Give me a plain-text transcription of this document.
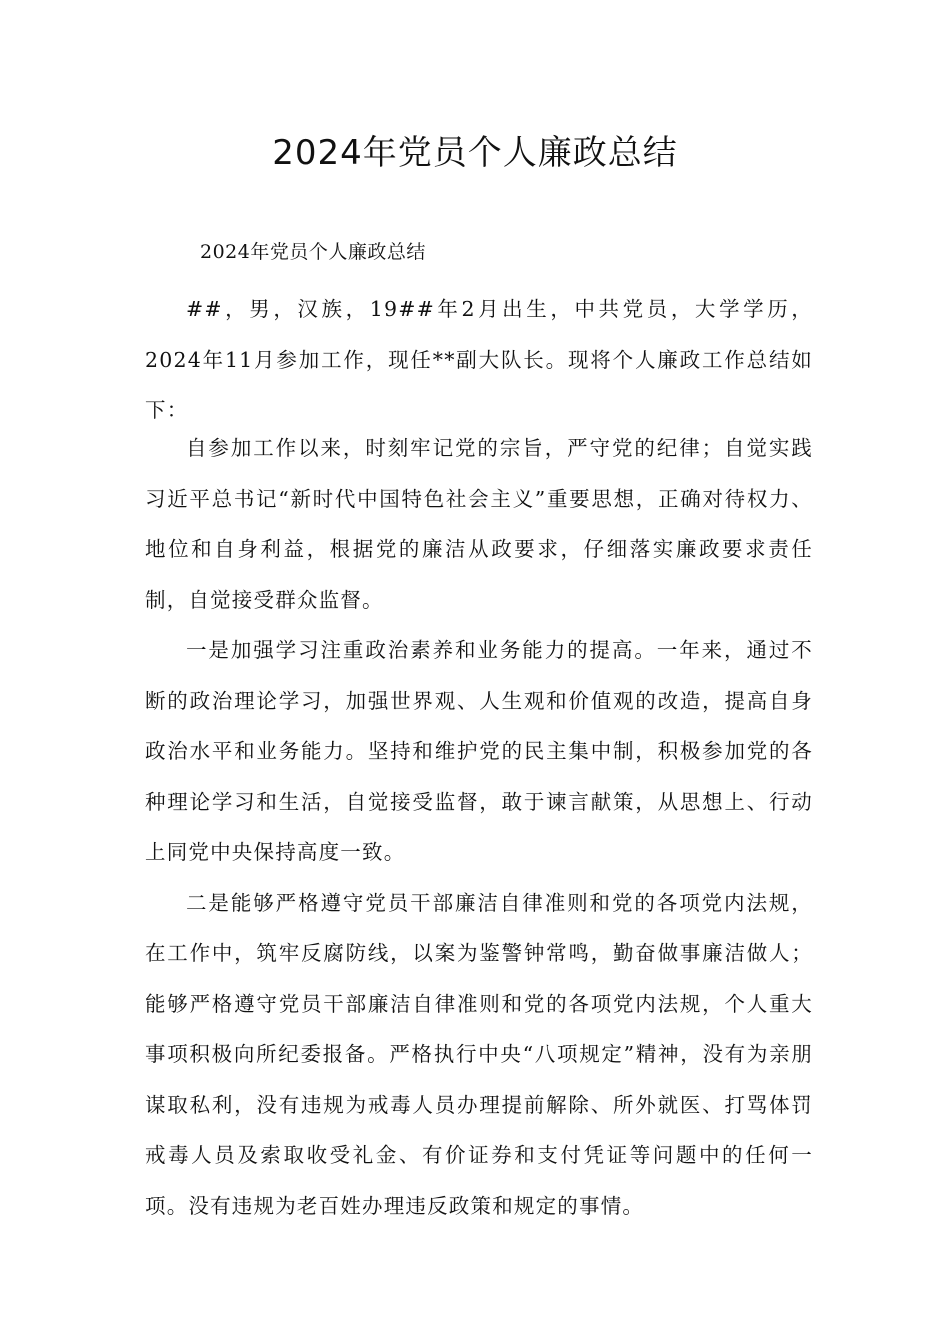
2024年党员个人廉政总结

2024年党员个人廉政总结

##，男，汉族，19##年2月出生，中共党员，大学学历，2024年11月参加工作，现任**副大队长。现将个人廉政工作总结如下：

自参加工作以来，时刻牢记党的宗旨，严守党的纪律；自觉实践习近平总书记“新时代中国特色社会主义”重要思想，正确对待权力、地位和自身利益，根据党的廉洁从政要求，仔细落实廉政要求责任制，自觉接受群众监督。

一是加强学习注重政治素养和业务能力的提高。一年来，通过不断的政治理论学习，加强世界观、人生观和价值观的改造，提高自身政治水平和业务能力。坚持和维护党的民主集中制，积极参加党的各种理论学习和生活，自觉接受监督，敢于谏言献策，从思想上、行动上同党中央保持高度一致。

二是能够严格遵守党员干部廉洁自律准则和党的各项党内法规，在工作中，筑牢反腐防线，以案为鉴警钟常鸣，勤奋做事廉洁做人；能够严格遵守党员干部廉洁自律准则和党的各项党内法规，个人重大事项积极向所纪委报备。严格执行中央“八项规定”精神，没有为亲朋谋取私利，没有违规为戒毒人员办理提前解除、所外就医、打骂体罚戒毒人员及索取收受礼金、有价证券和支付凭证等问题中的任何一项。没有违规为老百姓办理违反政策和规定的事情。
